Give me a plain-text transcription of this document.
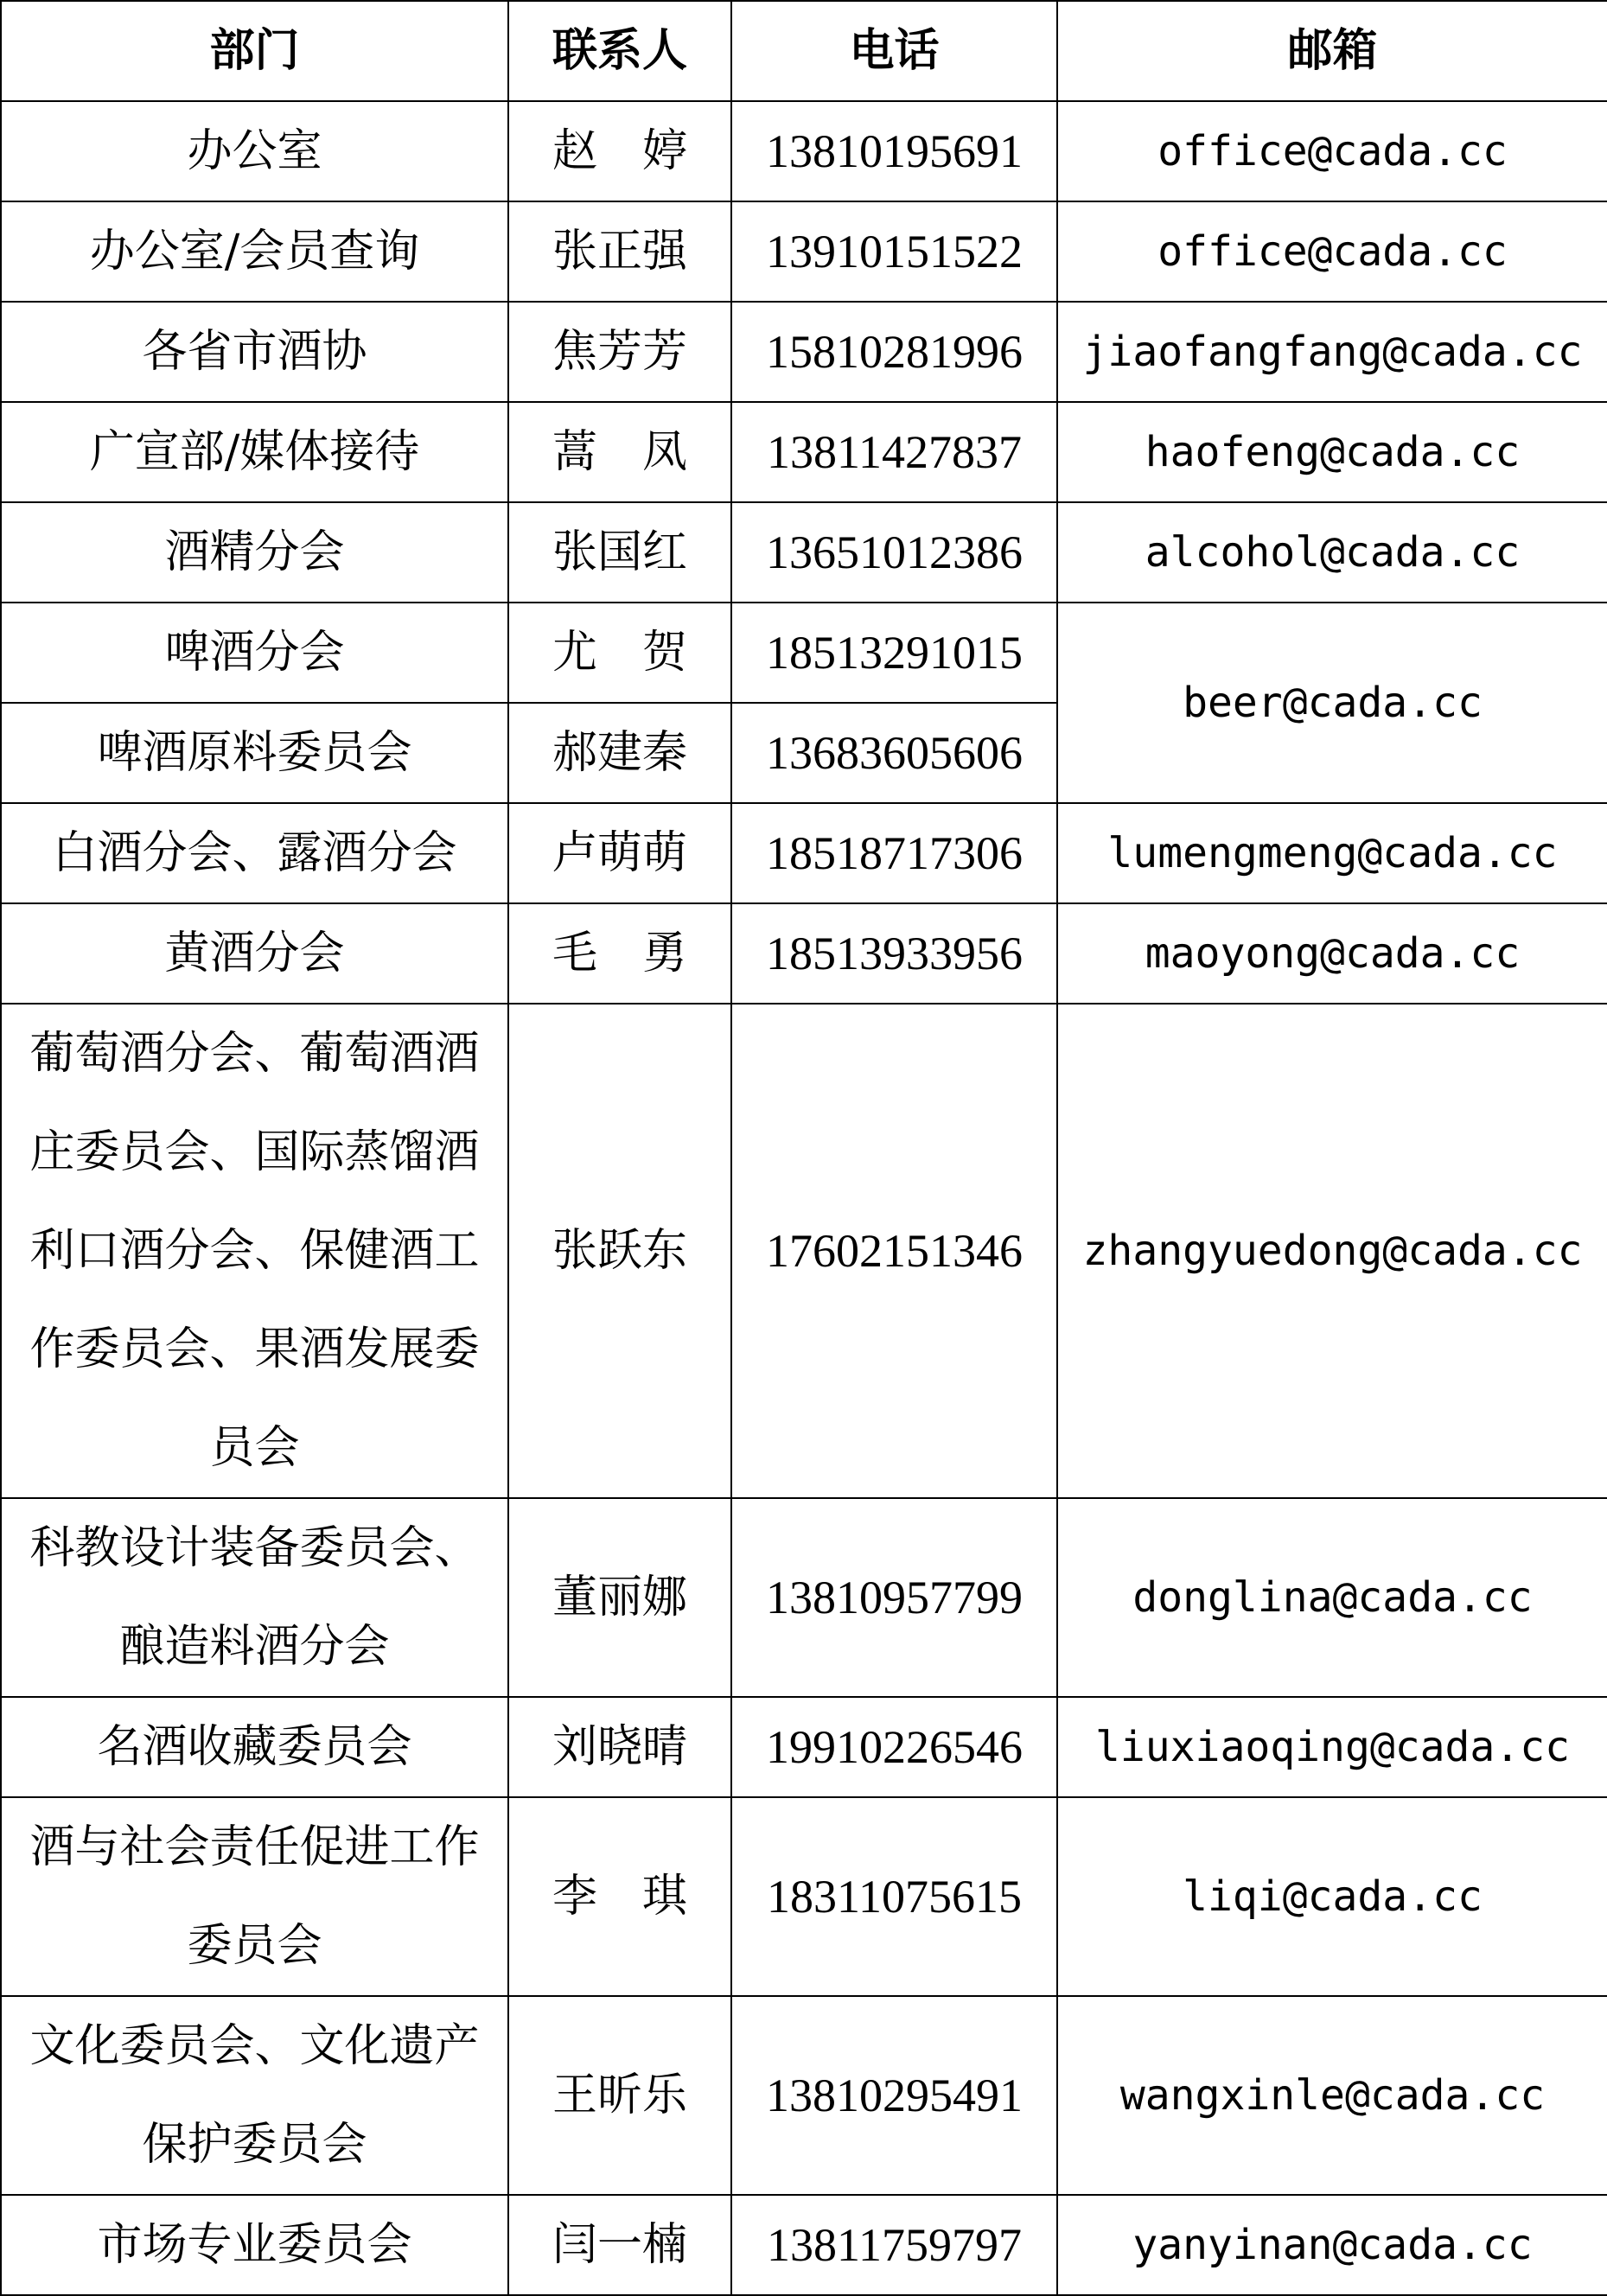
部门	联系人	电话	邮箱
办公室	赵　婷	13810195691	office@cada.cc
办公室/会员查询	张正强	13910151522	office@cada.cc
各省市酒协	焦芳芳	15810281996	jiaofangfang@cada.cc
广宣部/媒体接待	蒿　凤	13811427837	haofeng@cada.cc
酒精分会	张国红	13651012386	alcohol@cada.cc
啤酒分会	尤　贺	18513291015	beer@cada.cc
啤酒原料委员会	郝建秦	13683605606	
白酒分会、露酒分会	卢萌萌	18518717306	lumengmeng@cada.cc
黄酒分会	毛　勇	18513933956	maoyong@cada.cc
葡萄酒分会、葡萄酒酒庄委员会、国际蒸馏酒利口酒分会、保健酒工作委员会、果酒发展委员会	张跃东	17602151346	zhangyuedong@cada.cc
科教设计装备委员会、酿造料酒分会	董丽娜	13810957799	donglina@cada.cc
名酒收藏委员会	刘晓晴	19910226546	liuxiaoqing@cada.cc
酒与社会责任促进工作委员会	李　琪	18311075615	liqi@cada.cc
文化委员会、文化遗产保护委员会	王昕乐	13810295491	wangxinle@cada.cc
市场专业委员会	闫一楠	13811759797	yanyinan@cada.cc
